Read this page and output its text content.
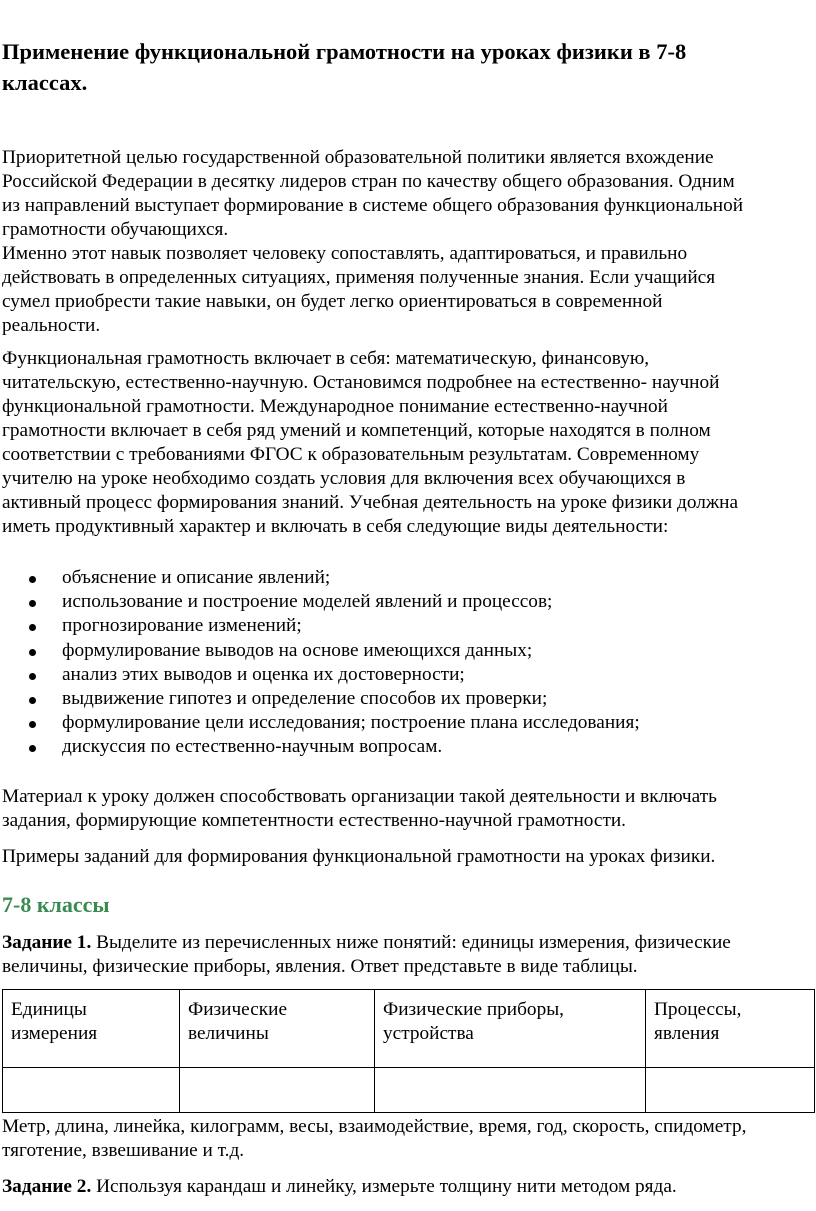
Применение функциональной грамотности на уроках физики в 7-8
классах.
Приоритетной целью государственной образовательной политики является вхождение
Российской Федерации в десятку лидеров стран по качеству общего образования. Одним
из направлений выступает формирование в системе общего образования функциональной
грамотности обучающихся.
Именно этот навык позволяет человеку сопоставлять, адаптироваться, и правильно
действовать в определенных ситуациях, применяя полученные знания. Если учащийся
сумел приобрести такие навыки, он будет легко ориентироваться в современной
реальности.
Функциональная грамотность включает в себя: математическую, финансовую,
читательскую, естественно-научную. Остановимся подробнее на естественно- научной
функциональной грамотности. Международное понимание естественно-научной
грамотности включает в себя ряд умений и компетенций, которые находятся в полном
соответствии с требованиями ФГОС к образовательным результатам. Современному
учителю на уроке необходимо создать условия для включения всех обучающихся в
активный процесс формирования знаний. Учебная деятельность на уроке физики должна
иметь продуктивный характер и включать в себя следующие виды деятельности:
объяснение и описание явлений;
использование и построение моделей явлений и процессов;
прогнозирование изменений;
формулирование выводов на основе имеющихся данных;
анализ этих выводов и оценка их достоверности;
выдвижение гипотез и определение способов их проверки;
формулирование цели исследования; построение плана исследования;
дискуссия по естественно-научным вопросам.
Материал к уроку должен способствовать организации такой деятельности и включать
задания, формирующие компетентности естественно-научной грамотности.
Примеры заданий для формирования функциональной грамотности на уроках физики.
7-8 классы
Задание 1. Выделите из перечисленных ниже понятий: единицы измерения, физические
величины, физические приборы, явления. Ответ представьте в виде таблицы.
Единицы
измерения	Физические
величины	Физические приборы,
устройства	Процессы,
явления

Метр, длина, линейка, килограмм, весы, взаимодействие, время, год, скорость, спидометр,
тяготение, взвешивание и т.д.
Задание 2. Используя карандаш и линейку, измерьте толщину нити методом ряда.
